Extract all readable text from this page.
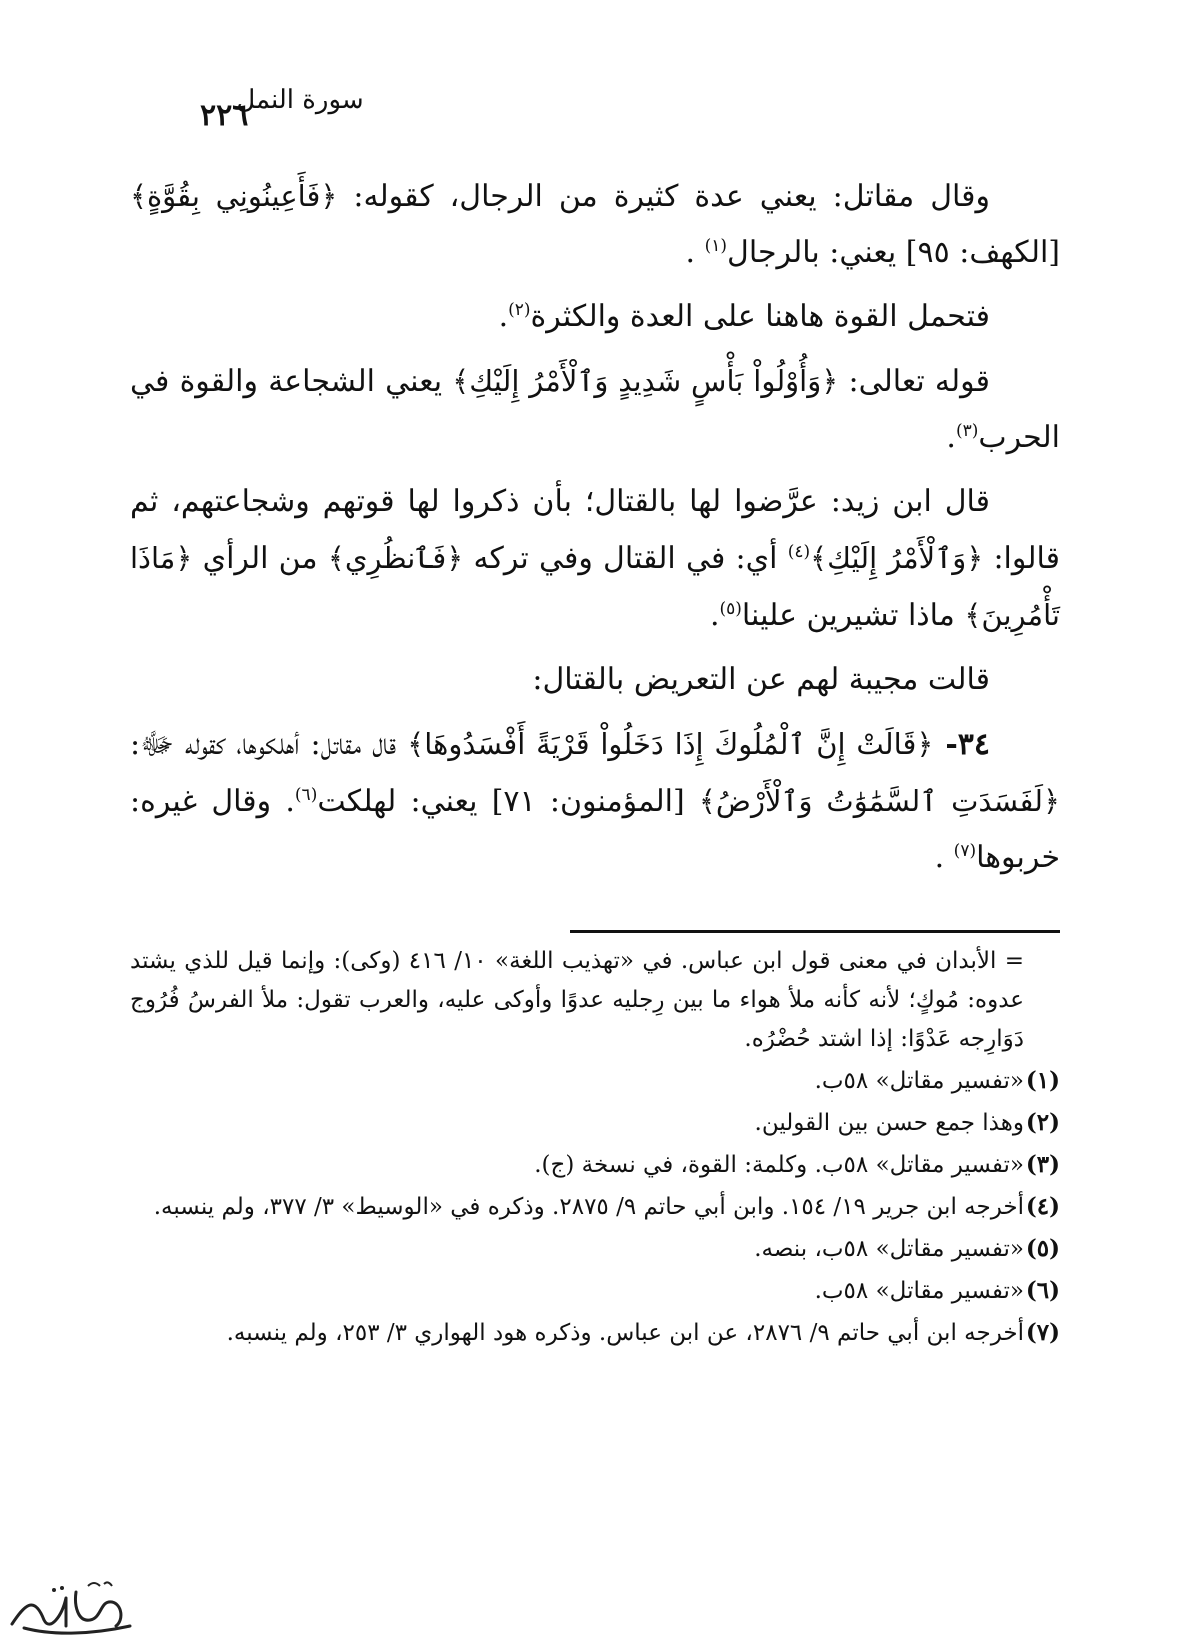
٢٢٦
سورة النمل

وقال مقاتل: يعني عدة كثيرة من الرجال، كقوله: ﴿فَأَعِينُونِي بِقُوَّةٍ﴾ [الكهف: ٩٥] يعني: بالرجال$^{(١)}$ .

فتحمل القوة هاهنا على العدة والكثرة$^{(٢)}$.

قوله تعالى: ﴿وَأُوْلُواْ بَأْسٍ شَدِيدٍ وَٱلْأَمْرُ إِلَيْكِ﴾ يعني الشجاعة والقوة في الحرب$^{(٣)}$.

قال ابن زيد: عرَّضوا لها بالقتال؛ بأن ذكروا لها قوتهم وشجاعتهم، ثم قالوا: ﴿وَٱلْأَمْرُ إِلَيْكِ﴾$^{(٤)}$ أي: في القتال وفي تركه ﴿فَٱنظُرِي﴾ من الرأي ﴿مَاذَا تَأْمُرِينَ﴾ ماذا تشيرين علينا$^{(٥)}$.

قالت مجيبة لهم عن التعريض بالقتال:

٣٤- ﴿قَالَتْ إِنَّ ٱلْمُلُوكَ إِذَا دَخَلُواْ قَرْيَةً أَفْسَدُوهَا﴾ قال مقاتل: أهلكوها، كقوله ﷻ: ﴿لَفَسَدَتِ ٱلسَّمَٰوَٰتُ وَٱلْأَرْضُ﴾ [المؤمنون: ٧١] يعني: لهلكت$^{(٦)}$. وقال غيره: خربوها$^{(٧)}$ .

= الأبدان في معنى قول ابن عباس. في «تهذيب اللغة» ١٠/ ٤١٦ (وكى): وإنما قيل للذي يشتد عدوه: مُوكٍ؛ لأنه كأنه ملأ هواء ما بين رِجليه عدوًا وأوكى عليه، والعرب تقول: ملأ الفرسُ فُرُوج دَوَارِجه عَدْوًا: إذا اشتد حُضْرُه.

(١)«تفسير مقاتل» ٥٨ب.

(٢)وهذا جمع حسن بين القولين.

(٣)«تفسير مقاتل» ٥٨ب. وكلمة: القوة، في نسخة (ج).

(٤)أخرجه ابن جرير ١٩/ ١٥٤. وابن أبي حاتم ٩/ ٢٨٧٥. وذكره في «الوسيط» ٣/ ٣٧٧، ولم ينسبه.

(٥)«تفسير مقاتل» ٥٨ب، بنصه.

(٦)«تفسير مقاتل» ٥٨ب.

(٧)أخرجه ابن أبي حاتم ٩/ ٢٨٧٦، عن ابن عباس. وذكره هود الهواري ٣/ ٢٥٣، ولم ينسبه.
